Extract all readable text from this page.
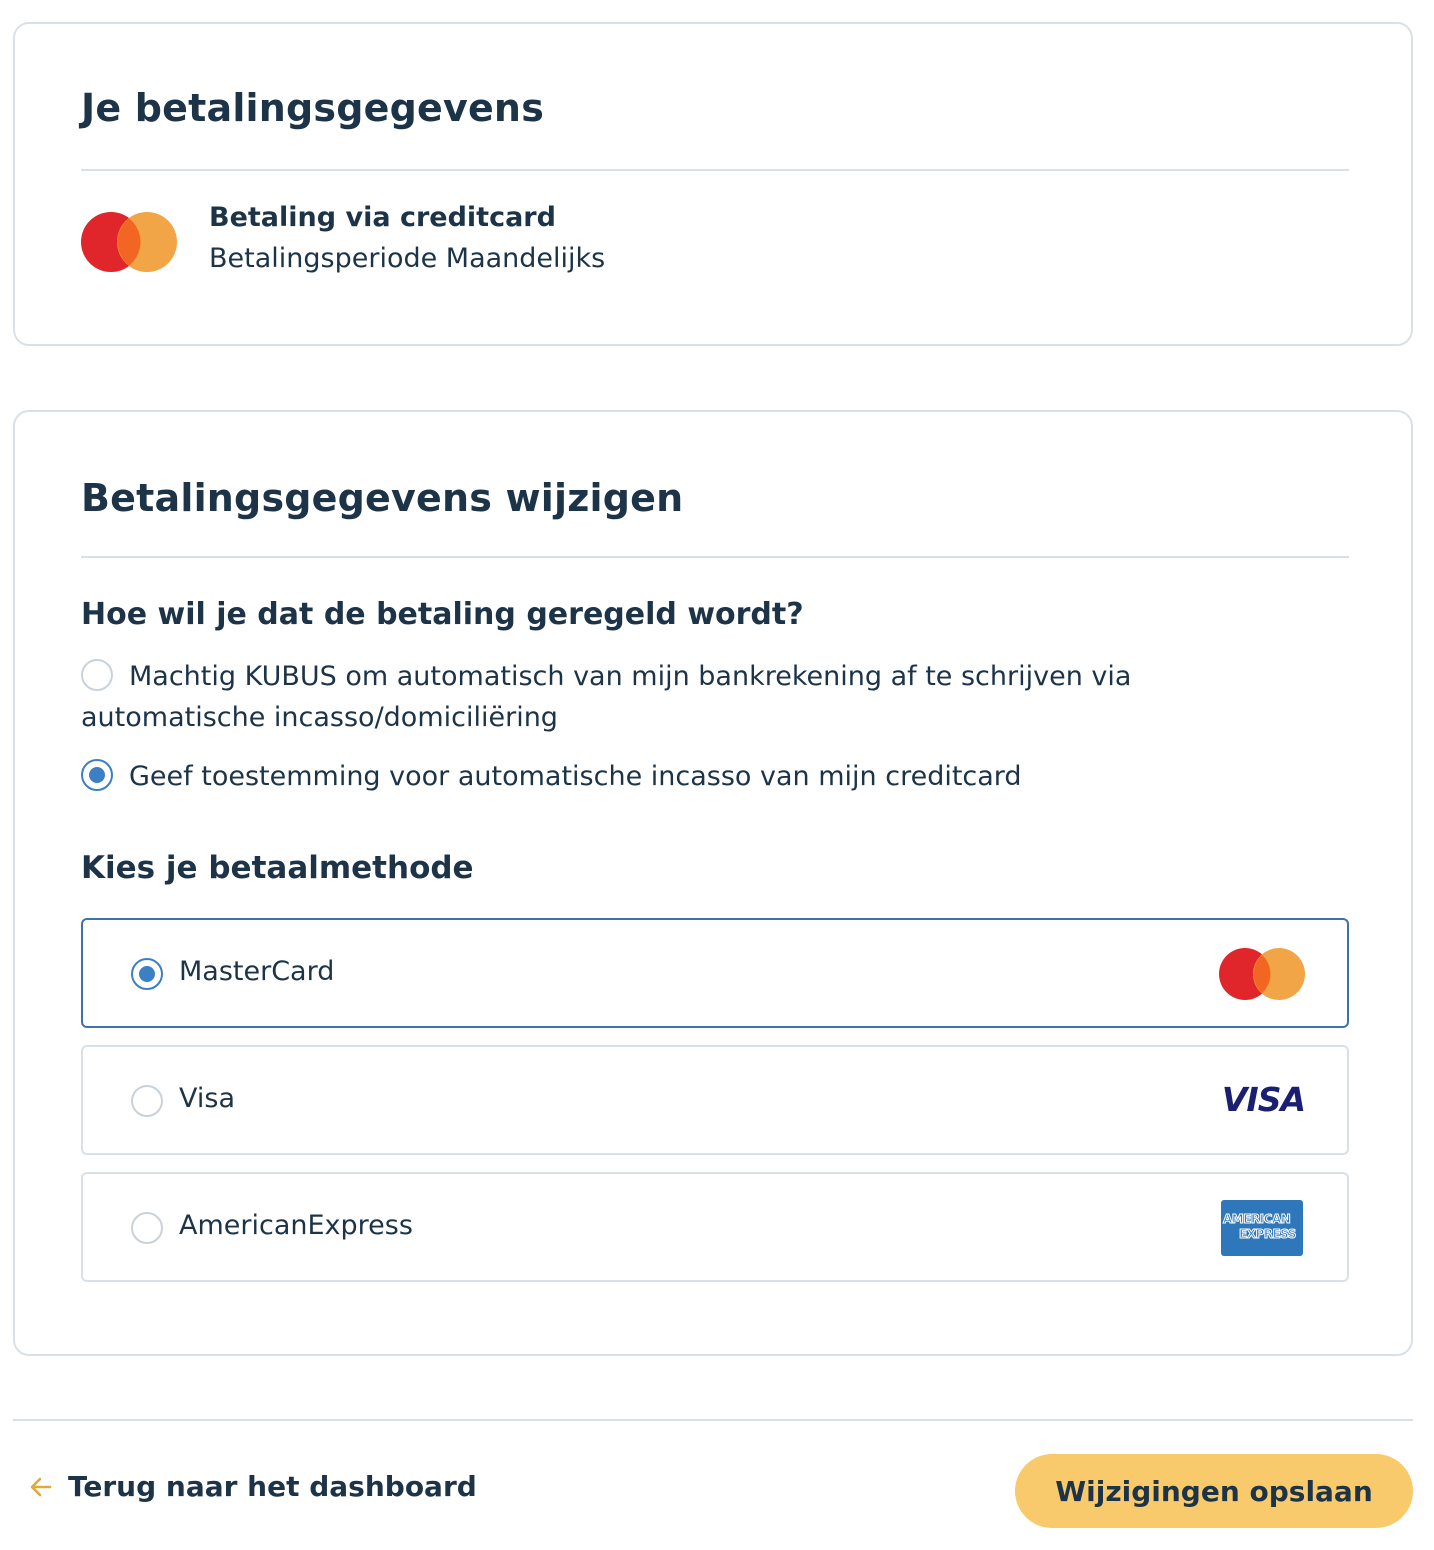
Je betalingsgegevens
Betaling via creditcard
Betalingsperiode Maandelijks
Betalingsgegevens wijzigen
Hoe wil je dat de betaling geregeld wordt?
Machtig KUBUS om automatisch van mijn bankrekening af te schrijven via automatische incasso/domiciliëring
Geef toestemming voor automatische incasso van mijn creditcard
Kies je betaalmethode
MasterCard
Visa	VISA
AmericanExpress	AMERICAN
EXPRESS
Terug naar het dashboard	Wijzigingen opslaan
